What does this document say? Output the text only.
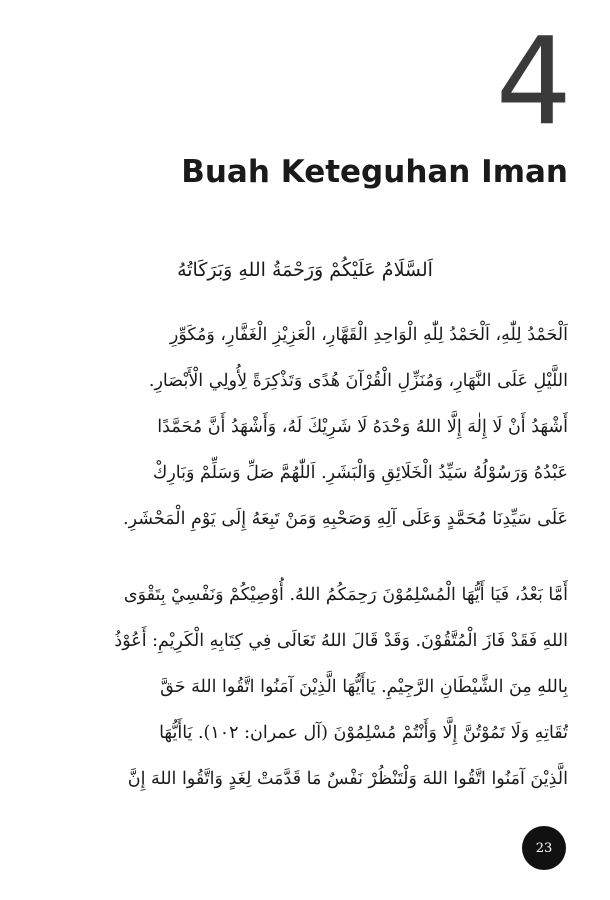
4
Buah Keteguhan Iman
اَلسَّلَامُ عَلَيْكُمْ وَرَحْمَةُ اللهِ وَبَرَكَاتُهُ
اَلْحَمْدُ لِلّٰهِ، اَلْحَمْدُ لِلّٰهِ الْوَاحِدِ الْقَهَّارِ، الْعَزِيْزِ الْغَفَّارِ، وَمُكَوِّرِ
اللَّيْلِ عَلَى النَّهَارِ، وَمُنَزِّلِ الْقُرْآنَ هُدًى وَتَذْكِرَةً لِأُولِي الْأَبْصَارِ.
أَشْهَدُ أَنْ لَا إِلٰهَ إِلَّا اللهُ وَحْدَهُ لَا شَرِيْكَ لَهُ، وَأَشْهَدُ أَنَّ مُحَمَّدًا
عَبْدُهُ وَرَسُوْلُهُ سَيِّدُ الْخَلَائِقِ وَالْبَشَرِ. اَللّٰهُمَّ صَلِّ وَسَلِّمْ وَبَارِكْ
عَلَى سَيِّدِنَا مُحَمَّدٍ وَعَلَى آلِهِ وَصَحْبِهِ وَمَنْ تَبِعَهُ إِلَى يَوْمِ الْمَحْشَرِ.
أَمَّا بَعْدُ، فَيَا أَيُّهَا الْمُسْلِمُوْنَ رَحِمَكُمُ اللهُ. أُوْصِيْكُمْ وَنَفْسِيْ بِتَقْوَى
اللهِ فَقَدْ فَازَ الْمُتَّقُوْنَ. وَقَدْ قَالَ اللهُ تَعَالَى فِي كِتَابِهِ الْكَرِيْمِ: أَعُوْذُ
بِاللهِ مِنَ الشَّيْطَانِ الرَّجِيْمِ. يَاأَيُّهَا الَّذِيْنَ آمَنُوا اتَّقُوا اللهَ حَقَّ
تُقَاتِهِ وَلَا تَمُوْتُنَّ إِلَّا وَأَنْتُمْ مُسْلِمُوْنَ (آل عمران: ١٠٢). يَاأَيُّهَا
الَّذِيْنَ آمَنُوا اتَّقُوا اللهَ وَلْتَنْظُرْ نَفْسٌ مَا قَدَّمَتْ لِغَدٍ وَاتَّقُوا اللهَ إِنَّ
23
